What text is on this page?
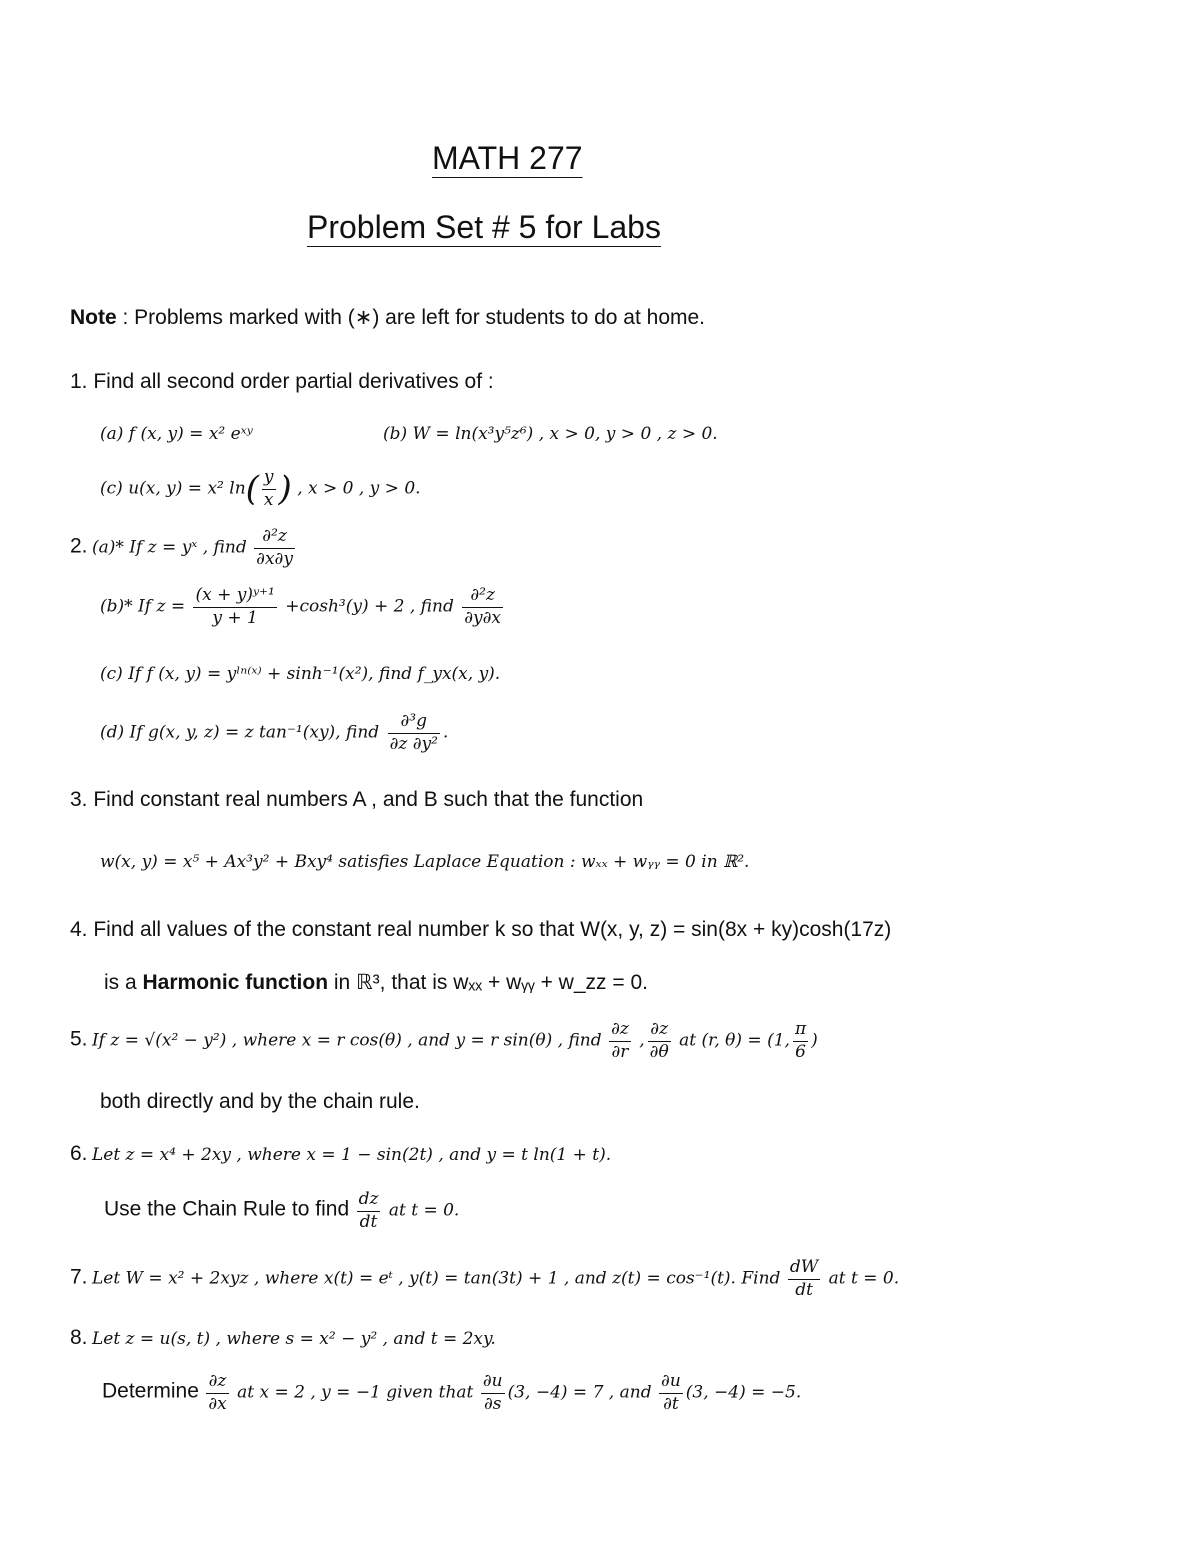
MATH 277
Problem Set # 5 for Labs
Note : Problems marked with (∗) are left for students to do at home.
1. Find all second order partial derivatives of :
(a) f (x, y) = x² eˣʸ	(b) W = ln(x³y⁵z⁶) , x > 0, y > 0 , z > 0.
(c) u(x, y) = x² $\ln( \frac{y}{x}$ ) , x > 0 , y > 0.
2. (a)* If z = yˣ , find $\frac{\text{∂²z}}{\partial x\partial y}$
(b)* If $z = \frac{\text{(x + y)ʸ⁺¹}}{y + 1} +\cosh^3(y) + 2$ , find $\frac{\text{∂²z}}{\partial y\partial x}$
(c) If f (x, y) = yˡⁿ⁽ˣ⁾ + sinh⁻¹(x²), find f_yx(x, y).
(d) If g(x, y, z) = z tan⁻¹(xy), find $\frac{\text{∂³g}}{\text{∂z ∂y²}}$ .
3. Find constant real numbers A , and B such that the function
w(x, y) = x⁵ + Ax³y² + Bxy⁴ satisfies Laplace Equation : wₓₓ + wᵧᵧ = 0 in ℝ².
4. Find all values of the constant real number k so that W(x, y, z) = sin(8x + ky)cosh(17z)
is a Harmonic function in ℝ³, that is wₓₓ + wᵧᵧ + w_zz = 0.
5. If z = √(x² − y²) , where x = r cos(θ) , and y = r sin(θ) , find $\frac{\partial z}{\partial r}$ , $\frac{\partial z}{\partial\theta}$ at (r, θ) = (1, $\frac{\pi}{6}$ )
both directly and by the chain rule.
6. Let z = x⁴ + 2xy , where x = 1 − sin(2t) , and y = t ln(1 + t).
Use the Chain Rule to find $\frac{dz}{dt}$ at t = 0.
7. Let W = x² + 2xyz , where x(t) = eᵗ , y(t) = tan(3t) + 1 , and z(t) = cos⁻¹(t). Find $\frac{dW}{dt}$ at t = 0.
8. Let z = u(s, t) , where s = x² − y² , and t = 2xy.
Determine $\frac{\partial z}{\partial x}$ at x = 2 , y = −1 given that $\frac{\partial u}{\partial s} (3$, −4) = 7 , and $\frac{\partial u}{\partial t} (3$, −4) = −5.
